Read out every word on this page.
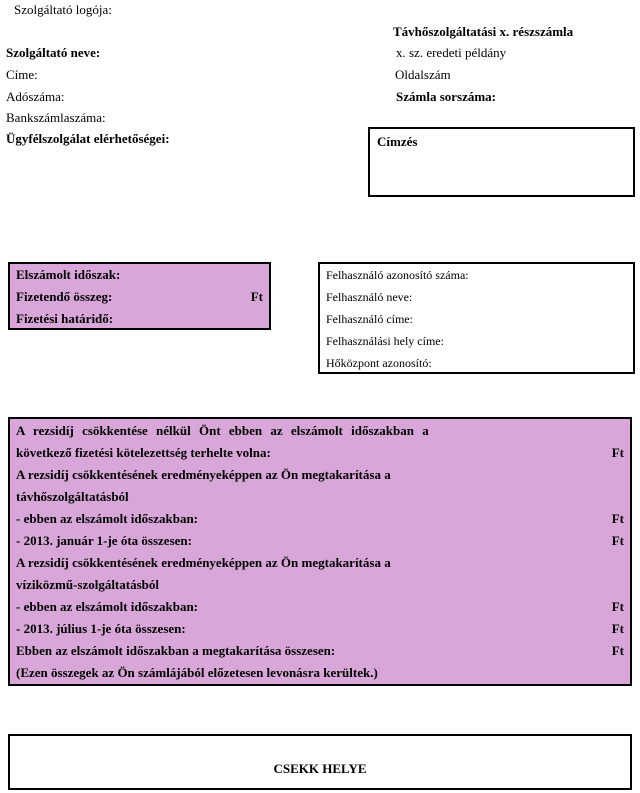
Szolgáltató logója:
Távhőszolgáltatási x. részszámla
x. sz. eredeti példány
Oldalszám
Számla sorszáma:
Szolgáltató neve:
Címe:
Adószáma:
Bankszámlaszáma:
Ügyfélszolgálat elérhetőségei:	Címzés
Elszámolt időszak:
Fizetendő összeg:	Ft
Fizetési határidő:
Felhasználó azonosító száma:
Felhasználó neve:
Felhasználó címe:
Felhasználási hely címe:
Hőközpont azonosító:
A rezsidíj csökkentése nélkül Önt ebben az elszámolt időszakban a
következő fizetési kötelezettség terhelte volna:	Ft
A rezsidíj csökkentésének eredményeképpen az Ön megtakarítása a
távhőszolgáltatásból
- ebben az elszámolt időszakban:	Ft
- 2013. január 1-je óta összesen:	Ft
A rezsidíj csökkentésének eredményeképpen az Ön megtakarítása a
víziközmű-szolgáltatásból
- ebben az elszámolt időszakban:	Ft
- 2013. július 1-je óta összesen:	Ft
Ebben az elszámolt időszakban a megtakarítása összesen:	Ft
(Ezen összegek az Ön számlájából előzetesen levonásra kerültek.)
CSEKK HELYE
